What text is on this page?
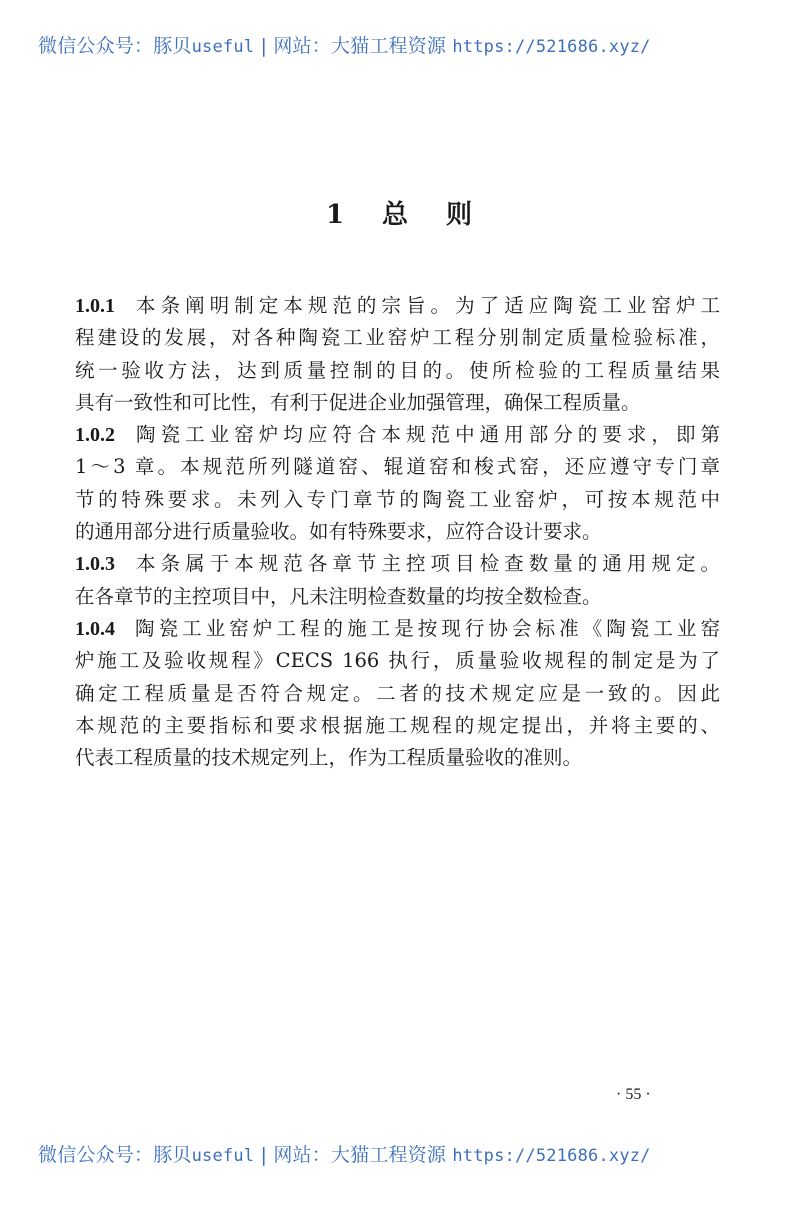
微信公众号：豚贝useful | 网站：大猫工程资源 https://521686.xyz/
1 总 则
1.0.1 本条阐明制定本规范的宗旨。为了适应陶瓷工业窑炉工
程建设的发展，对各种陶瓷工业窑炉工程分别制定质量检验标准，
统一验收方法，达到质量控制的目的。使所检验的工程质量结果
具有一致性和可比性，有利于促进企业加强管理，确保工程质量。
1.0.2 陶瓷工业窑炉均应符合本规范中通用部分的要求，即第
1～3 章。本规范所列隧道窑、辊道窑和梭式窑，还应遵守专门章
节的特殊要求。未列入专门章节的陶瓷工业窑炉，可按本规范中
的通用部分进行质量验收。如有特殊要求，应符合设计要求。
1.0.3 本条属于本规范各章节主控项目检查数量的通用规定。
在各章节的主控项目中，凡未注明检查数量的均按全数检查。
1.0.4 陶瓷工业窑炉工程的施工是按现行协会标准《陶瓷工业窑
炉施工及验收规程》CECS 166 执行，质量验收规程的制定是为了
确定工程质量是否符合规定。二者的技术规定应是一致的。因此
本规范的主要指标和要求根据施工规程的规定提出，并将主要的、
代表工程质量的技术规定列上，作为工程质量验收的准则。
· 55 ·
微信公众号：豚贝useful | 网站：大猫工程资源 https://521686.xyz/
